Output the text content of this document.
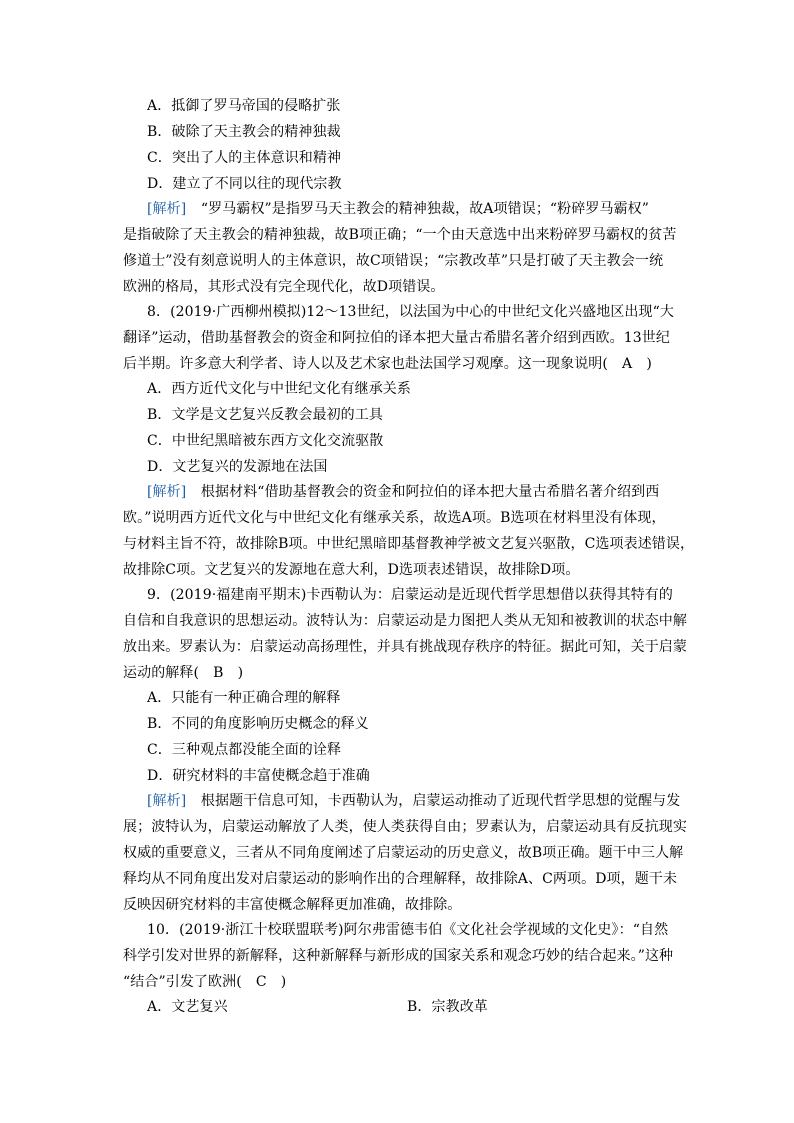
A．抵御了罗马帝国的侵略扩张
B．破除了天主教会的精神独裁
C．突出了人的主体意识和精神
D．建立了不同以往的现代宗教
[解析] “罗马霸权”是指罗马天主教会的精神独裁，故A项错误；“粉碎罗马霸权”
是指破除了天主教会的精神独裁，故B项正确；“一个由天意选中出来粉碎罗马霸权的贫苦
修道士”没有刻意说明人的主体意识，故C项错误；“宗教改革”只是打破了天主教会一统
欧洲的格局，其形式没有完全现代化，故D项错误。
8．(2019·广西柳州模拟)12～13世纪，以法国为中心的中世纪文化兴盛地区出现“大
翻译”运动，借助基督教会的资金和阿拉伯的译本把大量古希腊名著介绍到西欧。13世纪
后半期。许多意大利学者、诗人以及艺术家也赴法国学习观摩。这一现象说明(　A　)
A．西方近代文化与中世纪文化有继承关系
B．文学是文艺复兴反教会最初的工具
C．中世纪黑暗被东西方文化交流驱散
D．文艺复兴的发源地在法国
[解析] 根据材料“借助基督教会的资金和阿拉伯的译本把大量古希腊名著介绍到西
欧。”说明西方近代文化与中世纪文化有继承关系，故选A项。B选项在材料里没有体现，
与材料主旨不符，故排除B项。中世纪黑暗即基督教神学被文艺复兴驱散，C选项表述错误，
故排除C项。文艺复兴的发源地在意大利，D选项表述错误，故排除D项。
9．(2019·福建南平期末)卡西勒认为：启蒙运动是近现代哲学思想借以获得其特有的
自信和自我意识的思想运动。波特认为：启蒙运动是力图把人类从无知和被教训的状态中解
放出来。罗素认为：启蒙运动高扬理性，并具有挑战现存秩序的特征。据此可知，关于启蒙
运动的解释(　B　)
A．只能有一种正确合理的解释
B．不同的角度影响历史概念的释义
C．三种观点都没能全面的诠释
D．研究材料的丰富使概念趋于准确
[解析] 根据题干信息可知，卡西勒认为，启蒙运动推动了近现代哲学思想的觉醒与发
展；波特认为，启蒙运动解放了人类，使人类获得自由；罗素认为，启蒙运动具有反抗现实
权威的重要意义，三者从不同角度阐述了启蒙运动的历史意义，故B项正确。题干中三人解
释均从不同角度出发对启蒙运动的影响作出的合理解释，故排除A、C两项。D项，题干未
反映因研究材料的丰富使概念解释更加准确，故排除。
10．(2019·浙江十校联盟联考)阿尔弗雷德韦伯《文化社会学视域的文化史》：“自然
科学引发对世界的新解释，这种新解释与新形成的国家关系和观念巧妙的结合起来。”这种
“结合”引发了欧洲(　C　)
A．文艺复兴	B．宗教改革
